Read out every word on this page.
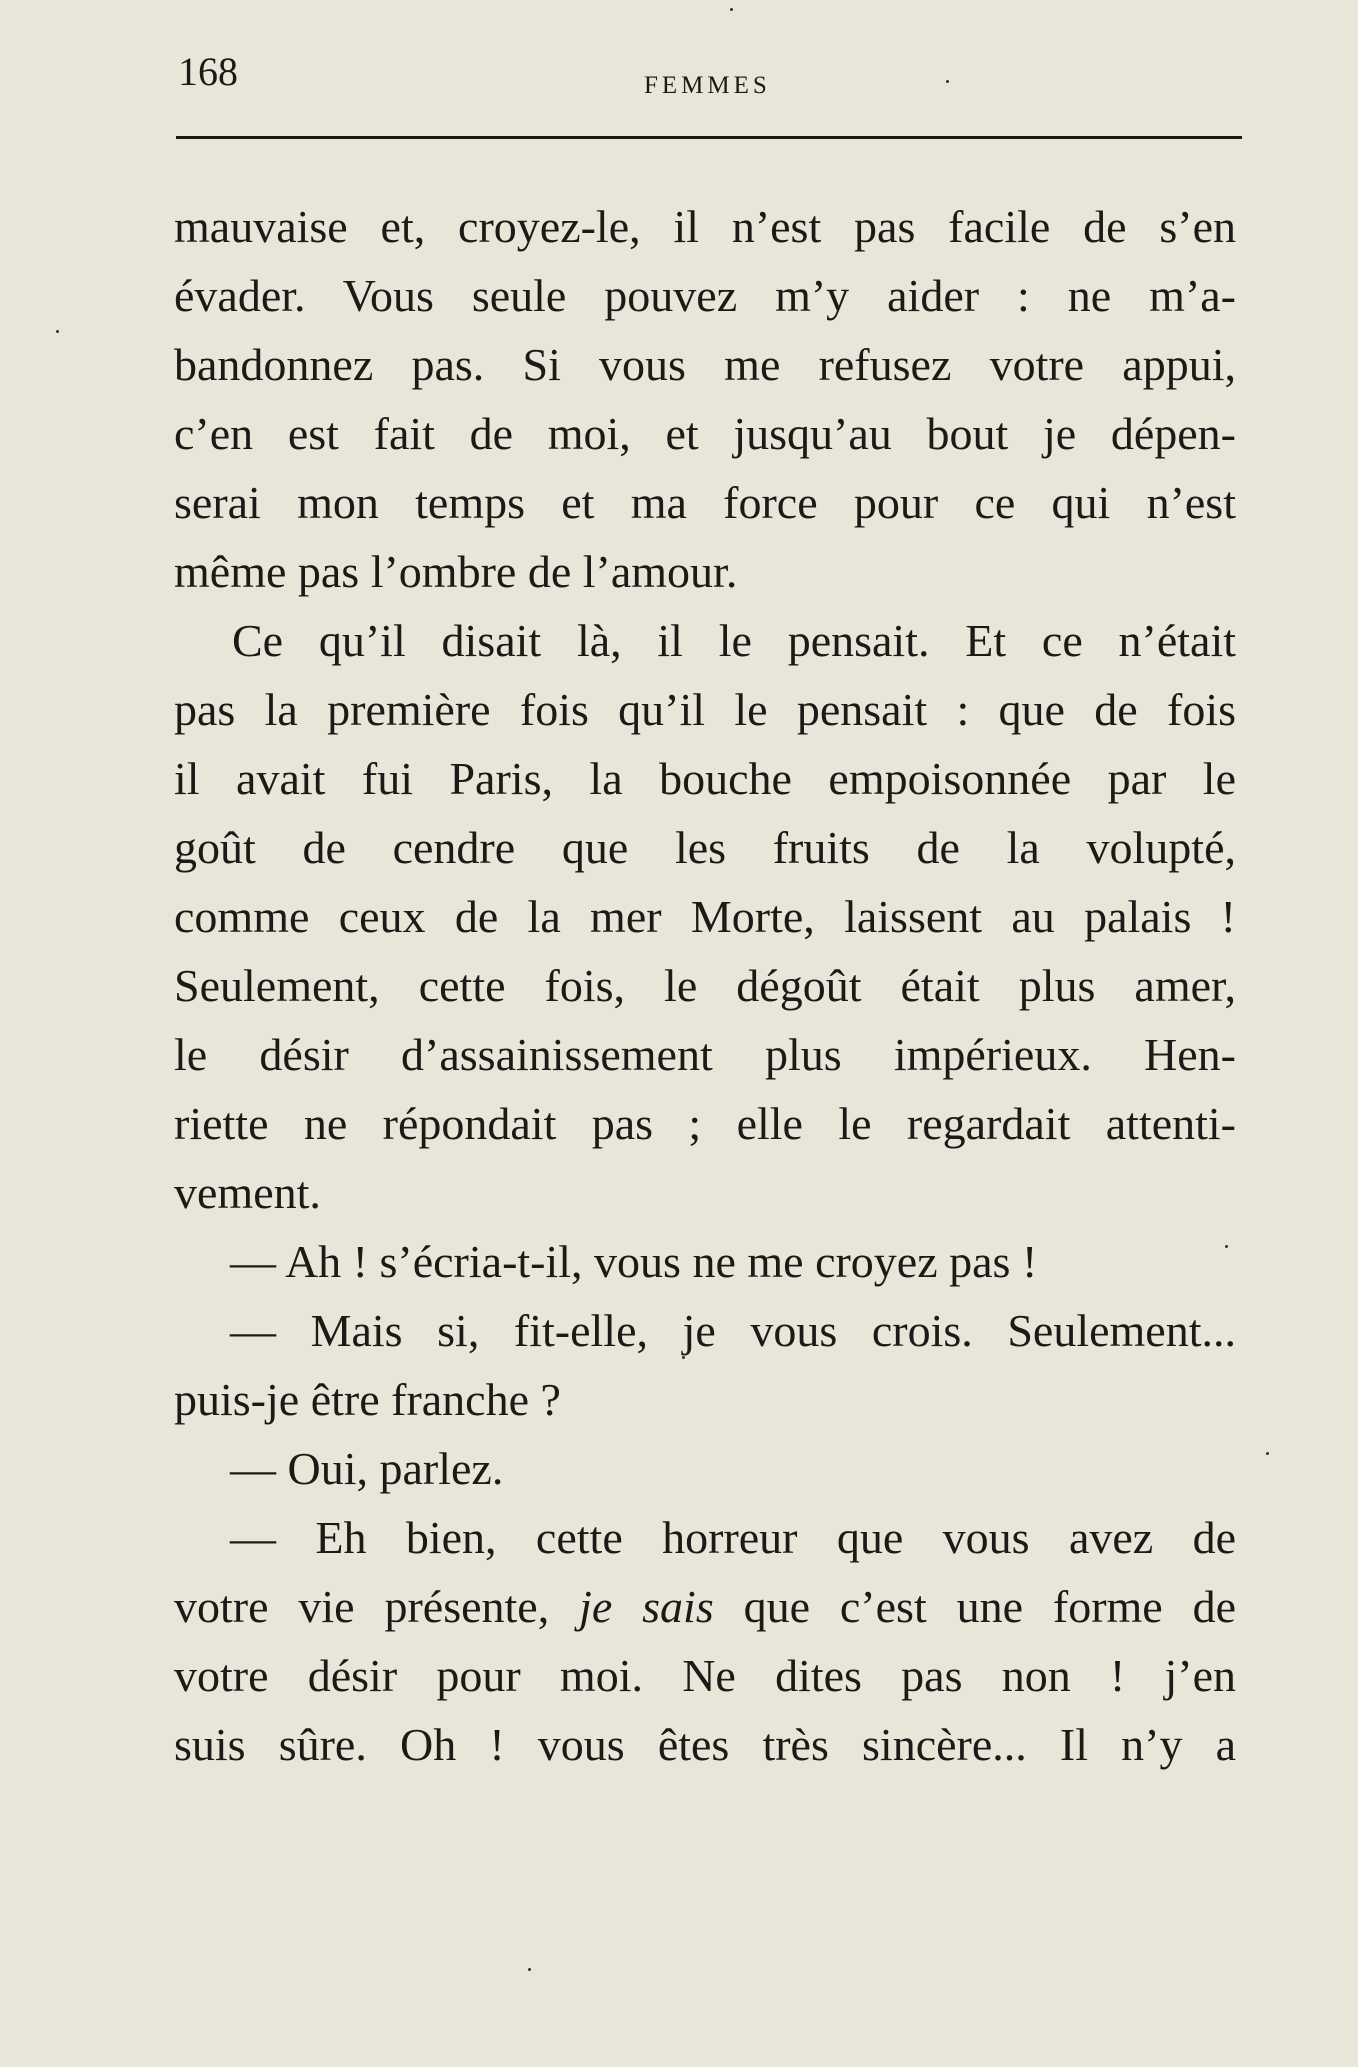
168	FEMMES
mauvaise et, croyez-le, il n’est pas facile de s’en
évader. Vous seule pouvez m’y aider : ne m’a-
bandonnez pas. Si vous me refusez votre appui,
c’en est fait de moi, et jusqu’au bout je dépen-
serai mon temps et ma force pour ce qui n’est
même pas l’ombre de l’amour.
Ce qu’il disait là, il le pensait. Et ce n’était
pas la première fois qu’il le pensait : que de fois
il avait fui Paris, la bouche empoisonnée par le
goût de cendre que les fruits de la volupté,
comme ceux de la mer Morte, laissent au palais !
Seulement, cette fois, le dégoût était plus amer,
le désir d’assainissement plus impérieux. Hen-
riette ne répondait pas ; elle le regardait attenti-
vement.
— Ah ! s’écria-t-il, vous ne me croyez pas !
— Mais si, fit-elle, je vous crois. Seulement...
puis-je être franche ?
— Oui, parlez.
— Eh bien, cette horreur que vous avez de
votre vie présente, je sais que c’est une forme de
votre désir pour moi. Ne dites pas non ! j’en
suis sûre. Oh ! vous êtes très sincère... Il n’y a
